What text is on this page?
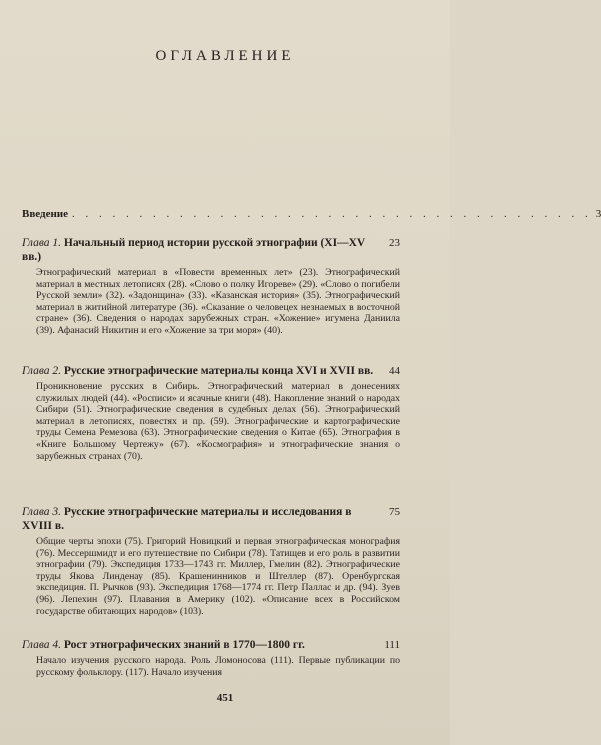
ОГЛАВЛЕНИЕ
Введение . . . . . . . . . . . . . . . . . . . . . . . . . . . . . . . . . . . . . . . 3
Глава 1. Начальный период истории русской этнографии (XI—XV вв.)
23
Этнографический материал в «Повести временных лет» (23). Этнографический материал в местных летописях (28). «Слово о полку Игореве» (29). «Слово о погибели Русской земли» (32). «Задонщина» (33). «Казанская история» (35). Этнографический материал в житийной литературе (36). «Сказание о человецех незнаемых в восточной стране» (36). Сведения о народах зарубежных стран. «Хожение» игумена Даниила (39). Афанасий Никитин и его «Хожение за три моря» (40).
Глава 2. Русские этнографические материалы конца XVI и XVII вв.	44
Проникновение русских в Сибирь. Этнографический материал в донесениях служилых людей (44). «Росписи» и ясачные книги (48). Накопление знаний о народах Сибири (51). Этнографические сведения в судебных делах (56). Этнографический материал в летописях, повестях и пр. (59). Этнографические и картографические труды Семена Ремезова (63). Этнографические сведения о Китае (65). Этнография в «Книге Большому Чертежу» (67). «Космография» и этнографические знания о зарубежных странах (70).
Глава 3. Русские этнографические материалы и исследования в XVIII в.
75
Общие черты эпохи (75). Григорий Новицкий и первая этнографическая монография (76). Мессершмидт и его путешествие по Сибири (78). Татищев и его роль в развитии этнографии (79). Экспедиция 1733—1743 гг. Миллер, Гмелин (82). Этнографические труды Якова Линденау (85). Крашенинников и Штеллер (87). Оренбургская экспедиция. П. Рычков (93). Экспедиция 1768—1774 гг. Петр Паллас и др. (94). Зуев (96). Лепехин (97). Плавания в Америку (102). «Описание всех в Российском государстве обитающих народов» (103).
Глава 4. Рост этнографических знаний в 1770—1800 гг.	111
Начало изучения русского народа. Роль Ломоносова (111). Первые публикации по русскому фольклору. (117). Начало изучения
451
